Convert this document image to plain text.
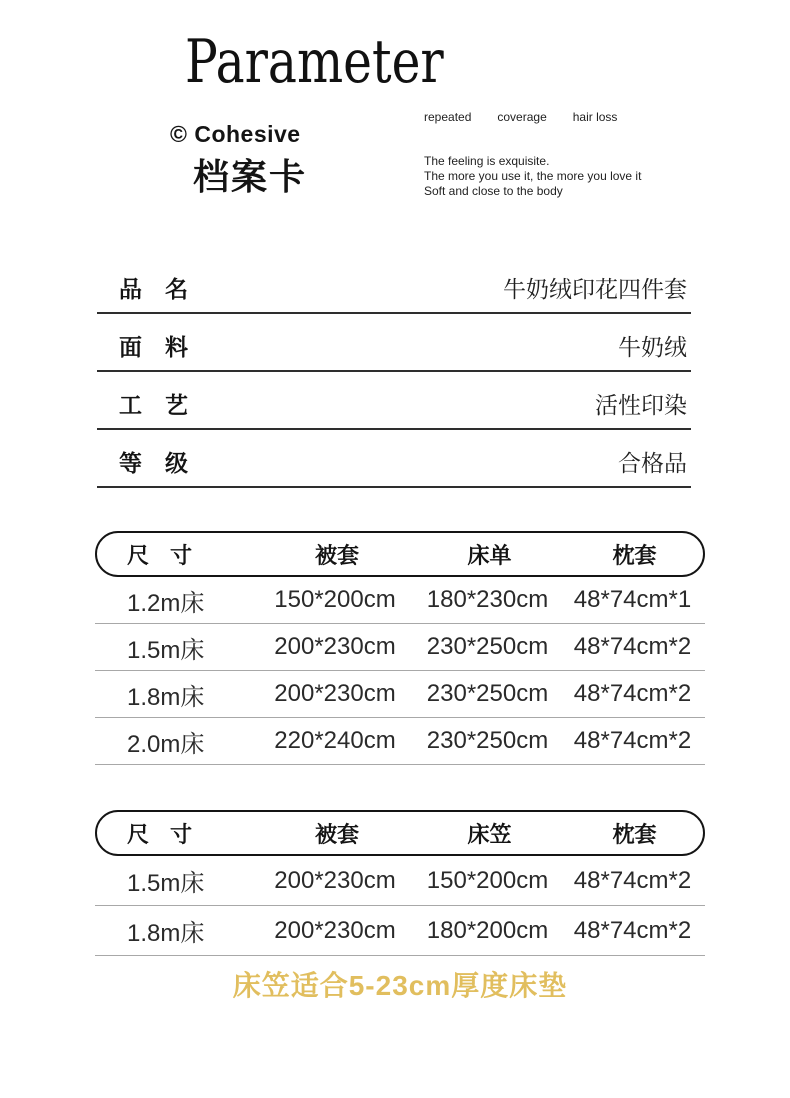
Parameter
© Cohesive
档案卡
repeated coverage hair loss
The feeling is exquisite.
The more you use it, the more you love it
Soft and close to the body
品名	牛奶绒印花四件套
面料	牛奶绒
工艺	活性印染
等级	合格品
尺寸	被套	床单	枕套
1.2m床	150*200cm	180*230cm	48*74cm*1
1.5m床	200*230cm	230*250cm	48*74cm*2
1.8m床	200*230cm	230*250cm	48*74cm*2
2.0m床	220*240cm	230*250cm	48*74cm*2
尺寸	被套	床笠	枕套
1.5m床	200*230cm	150*200cm	48*74cm*2
1.8m床	200*230cm	180*200cm	48*74cm*2
床笠适合5-23cm厚度床垫
